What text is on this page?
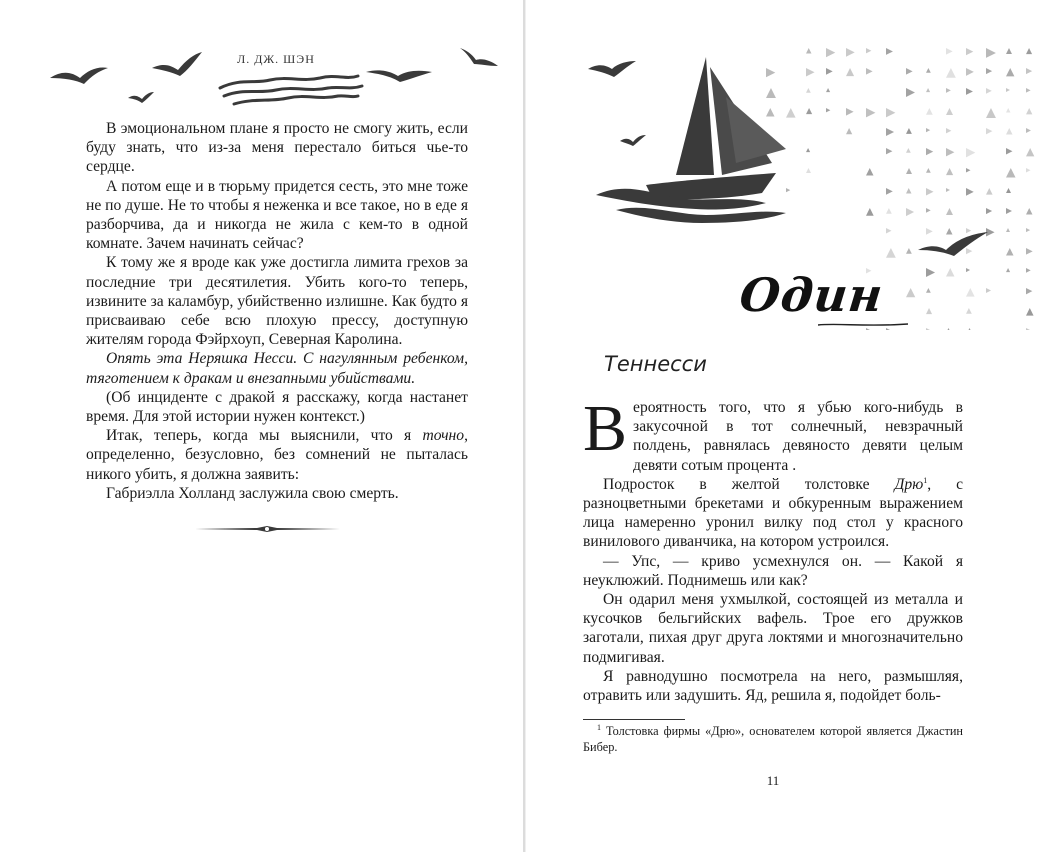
Л. ДЖ. ШЭН

В эмоциональном плане я просто не смогу жить, если буду знать, что из-за меня перестало биться чье-то сердце.

А потом еще и в тюрьму придется сесть, это мне тоже не по душе. Не то чтобы я неженка и все такое, но в еде я разборчива, да и никогда не жила с кем-то в одной комнате. Зачем начинать сейчас?

К тому же я вроде как уже достигла лимита грехов за последние три десятилетия. Убить кого-то теперь, извините за каламбур, убийственно излишне. Как будто я присваиваю себе всю плохую прессу, доступную жителям города Фэйрхоуп, Северная Каролина.

Опять эта Неряшка Несси. С нагулянным ребенком, тяготением к дракам и внезапными убийствами.

(Об инциденте с дракой я расскажу, когда настанет время. Для этой истории нужен контекст.)

Итак, теперь, когда мы выяснили, что я точно, определенно, безусловно, без сомнений не пыталась никого убить, я должна заявить:

Габриэлла Холланд заслужила свою смерть.

Один
Теннесси

Вероятность того, что я убью кого-нибудь в закусочной в тот солнечный, невзрачный полдень, равнялась девяносто девяти целым девяти сотым процента .

Подросток в желтой толстовке Дрю$^1$, с разноцветными брекетами и обкуренным выражением лица намеренно уронил вилку под стол у красного винилового диванчика, на котором устроился.

— Упс, — криво усмехнулся он. — Какой я неуклюжий. Поднимешь или как?

Он одарил меня ухмылкой, состоящей из металла и кусочков бельгийских вафель. Трое его дружков заготали, пихая друг друга локтями и многозначительно подмигивая.

Я равнодушно посмотрела на него, размышляя, отравить или задушить. Яд, решила я, подойдет боль-

$^1$ Толстовка фирмы «Дрю», основателем которой является Джастин Бибер.
11
